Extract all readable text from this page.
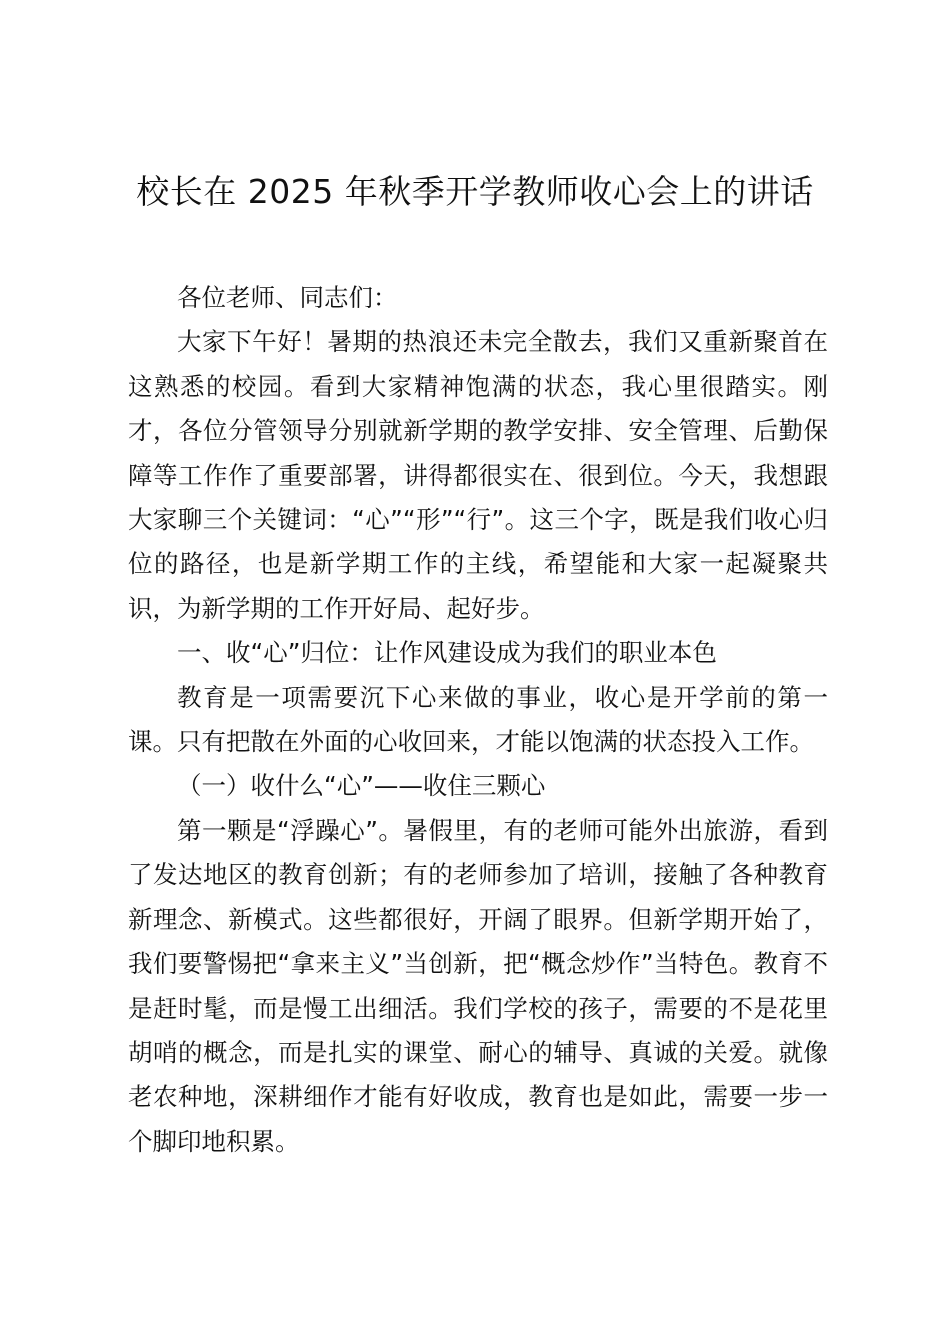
校长在 2025 年秋季开学教师收心会上的讲话

各位老师、同志们：

大家下午好！暑期的热浪还未完全散去，我们又重新聚首在这熟悉的校园。看到大家精神饱满的状态，我心里很踏实。刚才，各位分管领导分别就新学期的教学安排、安全管理、后勤保障等工作作了重要部署，讲得都很实在、很到位。今天，我想跟大家聊三个关键词：“心”“形”“行”。这三个字，既是我们收心归位的路径，也是新学期工作的主线，希望能和大家一起凝聚共识，为新学期的工作开好局、起好步。

一、收“心”归位：让作风建设成为我们的职业本色

教育是一项需要沉下心来做的事业，收心是开学前的第一课。只有把散在外面的心收回来，才能以饱满的状态投入工作。

（一）收什么“心”——收住三颗心

第一颗是“浮躁心”。暑假里，有的老师可能外出旅游，看到了发达地区的教育创新；有的老师参加了培训，接触了各种教育新理念、新模式。这些都很好，开阔了眼界。但新学期开始了，我们要警惕把“拿来主义”当创新，把“概念炒作”当特色。教育不是赶时髦，而是慢工出细活。我们学校的孩子，需要的不是花里胡哨的概念，而是扎实的课堂、耐心的辅导、真诚的关爱。就像老农种地，深耕细作才能有好收成，教育也是如此，需要一步一个脚印地积累。
